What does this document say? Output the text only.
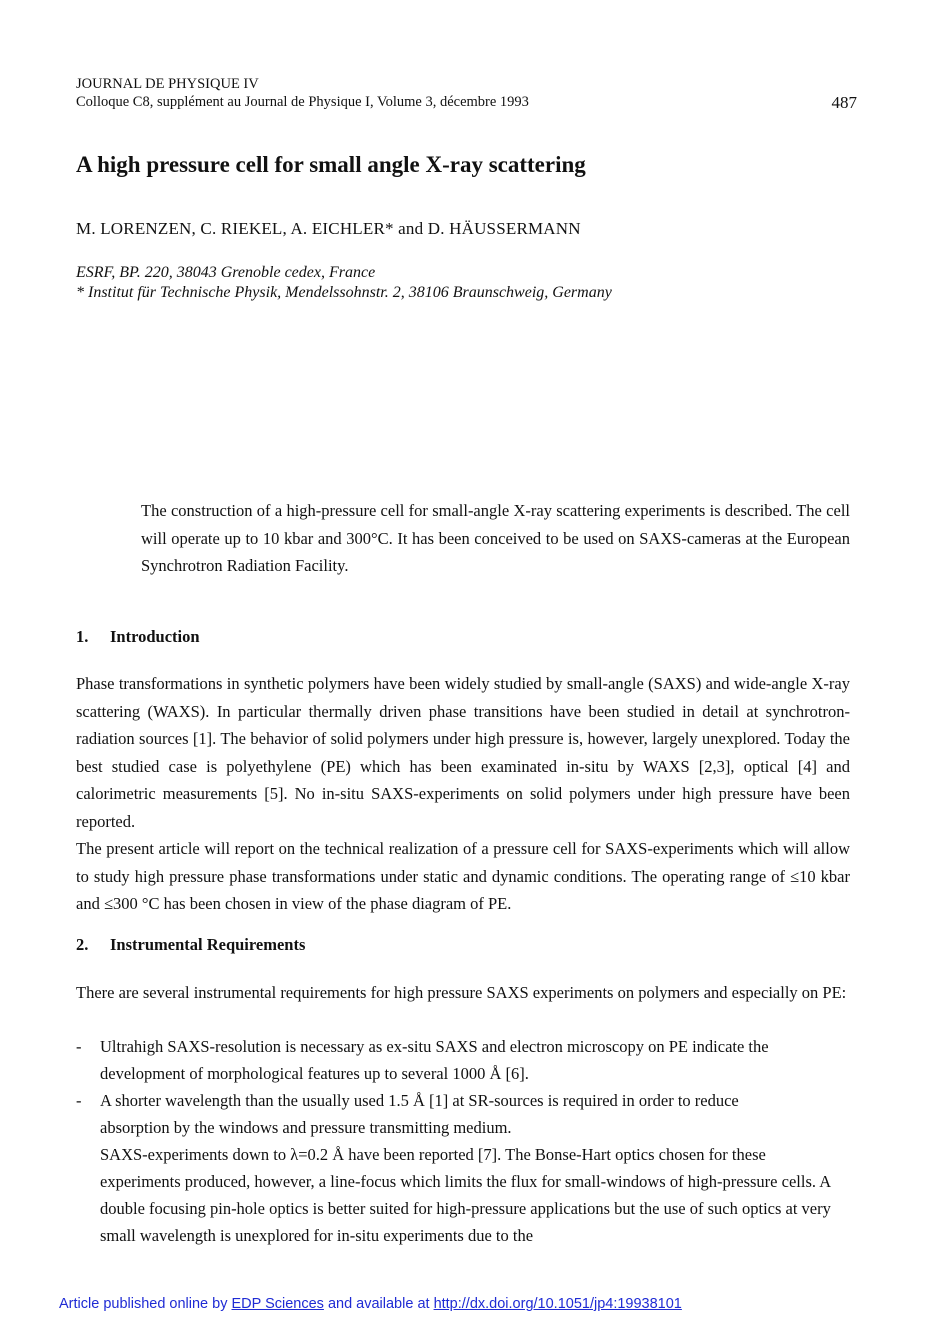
JOURNAL DE PHYSIQUE IV
Colloque C8, supplément au Journal de Physique I, Volume 3, décembre 1993	487
A high pressure cell for small angle X-ray scattering
M. LORENZEN, C. RIEKEL, A. EICHLER* and D. HÄUSSERMANN
ESRF, BP. 220, 38043 Grenoble cedex, France
* Institut für Technische Physik, Mendelssohnstr. 2, 38106 Braunschweig, Germany
The construction of a high-pressure cell for small-angle X-ray scattering experiments is described. The cell will operate up to 10 kbar and 300°C. It has been conceived to be used on SAXS-cameras at the European Synchrotron Radiation Facility.
1. Introduction

Phase transformations in synthetic polymers have been widely studied by small-angle (SAXS) and wide-angle X-ray scattering (WAXS). In particular thermally driven phase transitions have been studied in detail at synchrotron-radiation sources [1]. The behavior of solid polymers under high pressure is, however, largely unexplored. Today the best studied case is polyethylene (PE) which has been examinated in-situ by WAXS [2,3], optical [4] and calorimetric measurements [5]. No in-situ SAXS-experiments on solid polymers under high pressure have been reported.

The present article will report on the technical realization of a pressure cell for SAXS-experiments which will allow to study high pressure phase transformations under static and dynamic conditions. The operating range of ≤10 kbar and ≤300 °C has been chosen in view of the phase diagram of PE.

2. Instrumental Requirements
There are several instrumental requirements for high pressure SAXS experiments on polymers and especially on PE:
- Ultrahigh SAXS-resolution is necessary as ex-situ SAXS and electron microscopy on PE indicate the development of morphological features up to several 1000 Å [6].
- A shorter wavelength than the usually used 1.5 Å [1] at SR-sources is required in order to reduce absorption by the windows and pressure transmitting medium.
SAXS-experiments down to λ=0.2 Å have been reported [7]. The Bonse-Hart optics chosen for these experiments produced, however, a line-focus which limits the flux for small-windows of high-pressure cells. A double focusing pin-hole optics is better suited for high-pressure applications but the use of such optics at very small wavelength is unexplored for in-situ experiments due to the
Article published online by EDP Sciences and available at http://dx.doi.org/10.1051/jp4:19938101
